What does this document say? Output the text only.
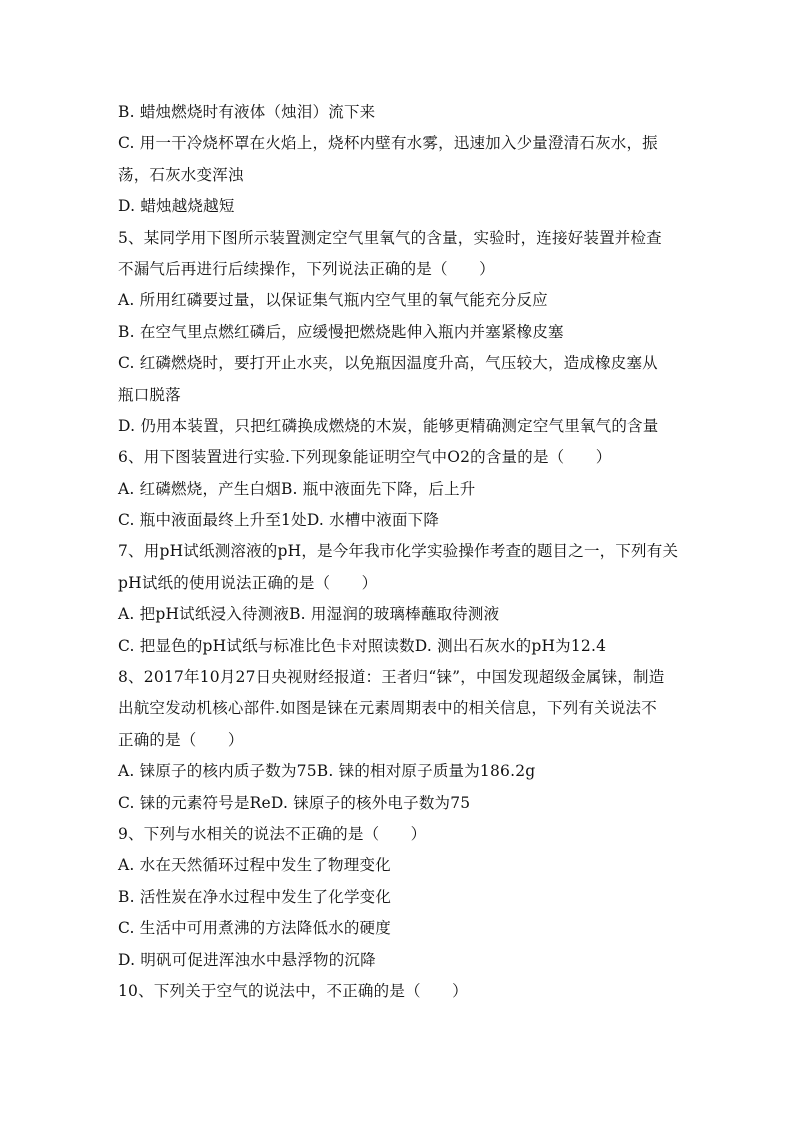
B. 蜡烛燃烧时有液体（烛泪）流下来
C. 用一干冷烧杯罩在火焰上，烧杯内壁有水雾，迅速加入少量澄清石灰水，振
荡，石灰水变浑浊
D. 蜡烛越烧越短
5、某同学用下图所示装置测定空气里氧气的含量，实验时，连接好装置并检查
不漏气后再进行后续操作，下列说法正确的是（　　）
A. 所用红磷要过量，以保证集气瓶内空气里的氧气能充分反应
B. 在空气里点燃红磷后，应缓慢把燃烧匙伸入瓶内并塞紧橡皮塞
C. 红磷燃烧时，要打开止水夹，以免瓶因温度升高，气压较大，造成橡皮塞从
瓶口脱落
D. 仍用本装置，只把红磷换成燃烧的木炭，能够更精确测定空气里氧气的含量
6、用下图装置进行实验.下列现象能证明空气中O2的含量的是（　　）
A. 红磷燃烧，产生白烟B. 瓶中液面先下降，后上升
C. 瓶中液面最终上升至1处D. 水槽中液面下降
7、用pH试纸测溶液的pH，是今年我市化学实验操作考查的题目之一，下列有关
pH试纸的使用说法正确的是（　　）
A. 把pH试纸浸入待测液B. 用湿润的玻璃棒蘸取待测液
C. 把显色的pH试纸与标准比色卡对照读数D. 测出石灰水的pH为12.4
8、2017年10月27日央视财经报道：王者归“铼”，中国发现超级金属铼，制造
出航空发动机核心部件.如图是铼在元素周期表中的相关信息，下列有关说法不
正确的是（　　）
A. 铼原子的核内质子数为75B. 铼的相对原子质量为186.2g
C. 铼的元素符号是ReD. 铼原子的核外电子数为75
9、下列与水相关的说法不正确的是（　　）
A. 水在天然循环过程中发生了物理变化
B. 活性炭在净水过程中发生了化学变化
C. 生活中可用煮沸的方法降低水的硬度
D. 明矾可促进浑浊水中悬浮物的沉降
10、下列关于空气的说法中，不正确的是（　　）
